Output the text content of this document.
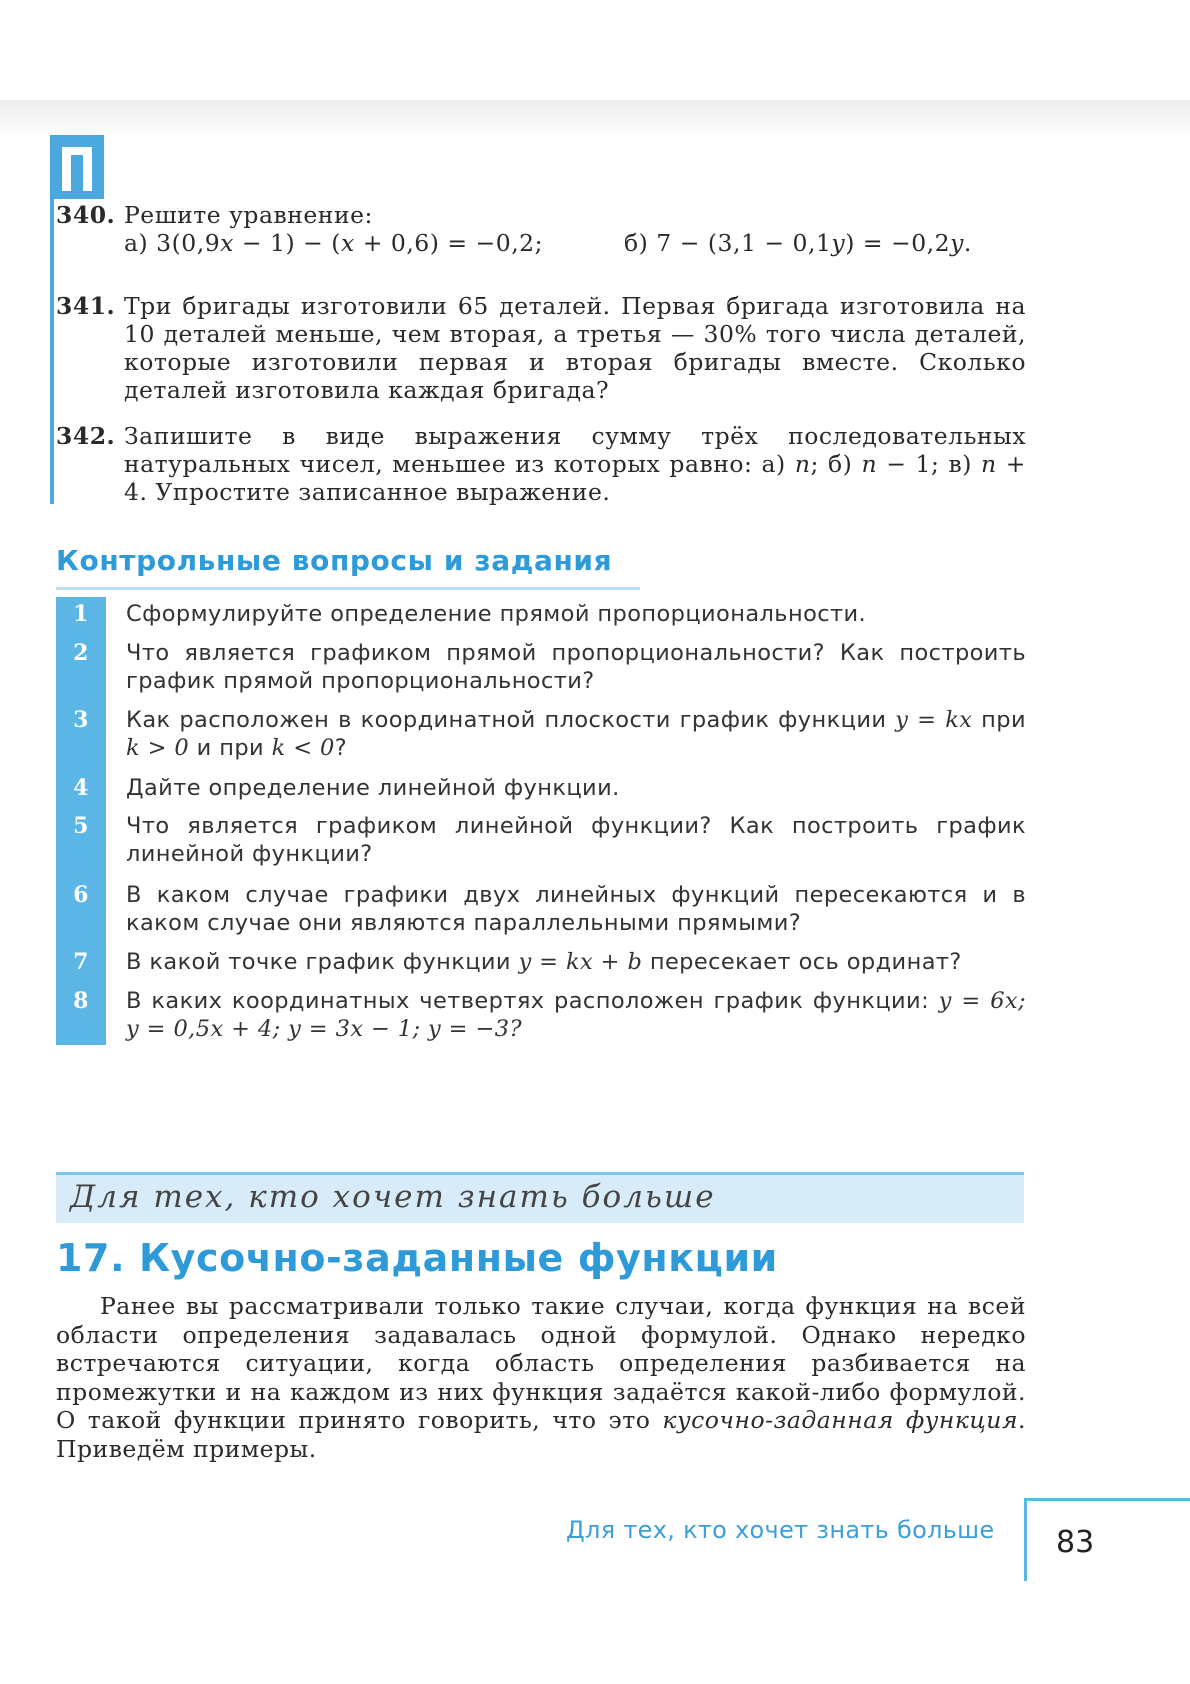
340. Решите уравнение:
а) 3(0,9x − 1) − (x + 0,6) = −0,2;	б) 7 − (3,1 − 0,1y) = −0,2y.
341. Три бригады изготовили 65 деталей. Первая бригада изготовила на 10 деталей меньше, чем вторая, а третья — 30% того числа деталей, которые изготовили первая и вторая бригады вместе. Сколько деталей изготовила каждая бригада?
342. Запишите в виде выражения сумму трёх последовательных натуральных чисел, меньшее из которых равно: а) n; б) n − 1; в) n + 4. Упростите записанное выражение.
Контрольные вопросы и задания
1	Сформулируйте определение прямой пропорциональности.
2	Что является графиком прямой пропорциональности? Как построить график прямой пропорциональности?
3	Как расположен в координатной плоскости график функции y = kx при k > 0 и при k < 0?
4	Дайте определение линейной функции.
5	Что является графиком линейной функции? Как построить график линейной функции?
6	В каком случае графики двух линейных функций пересекаются и в каком случае они являются параллельными прямыми?
7	В какой точке график функции y = kx + b пересекает ось ординат?
8	В каких координатных четвертях расположен график функции: y = 6x; y = 0,5x + 4; y = 3x − 1; y = −3?
Для тех, кто хочет знать больше
17. Кусочно-заданные функции
Ранее вы рассматривали только такие случаи, когда функция на всей области определения задавалась одной формулой. Однако нередко встречаются ситуации, когда область определения разбивается на промежутки и на каждом из них функция задаётся какой-либо формулой. О такой функции принято говорить, что это кусочно-заданная функция. Приведём примеры.
Для тех, кто хочет знать больше 83
